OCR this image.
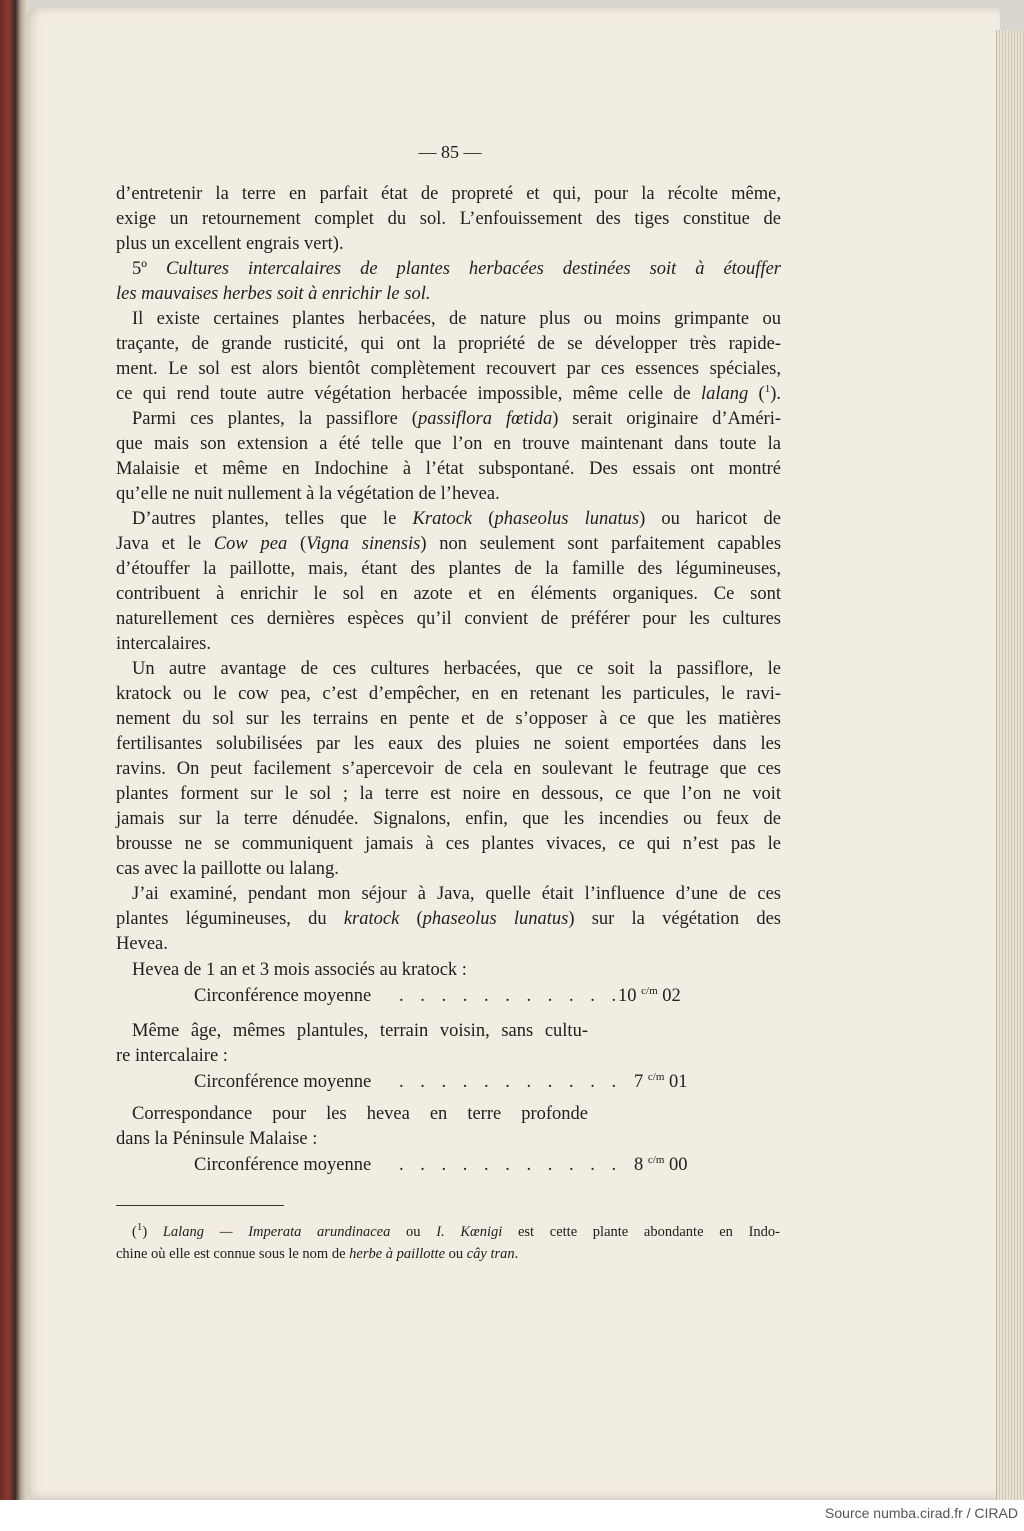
— 85 —
d’entretenir la terre en parfait état de propreté et qui, pour la récolte même,
exige un retournement complet du sol. L’enfouissement des tiges constitue de
plus un excellent engrais vert).
5º Cultures intercalaires de plantes herbacées destinées soit à étouffer
les mauvaises herbes soit à enrichir le sol.
Il existe certaines plantes herbacées, de nature plus ou moins grimpante ou
traçante, de grande rusticité, qui ont la propriété de se développer très rapide-
ment. Le sol est alors bientôt complètement recouvert par ces essences spéciales,
ce qui rend toute autre végétation herbacée impossible, même celle de lalang ($^1$).
Parmi ces plantes, la passiflore (passiflora fœtida) serait originaire d’Améri-
que mais son extension a été telle que l’on en trouve maintenant dans toute la
Malaisie et même en Indochine à l’état subspontané. Des essais ont montré
qu’elle ne nuit nullement à la végétation de l’hevea.
D’autres plantes, telles que le Kratock (phaseolus lunatus) ou haricot de
Java et le Cow pea (Vigna sinensis) non seulement sont parfaitement capables
d’étouffer la paillotte, mais, étant des plantes de la famille des légumineuses,
contribuent à enrichir le sol en azote et en éléments organiques. Ce sont
naturellement ces dernières espèces qu’il convient de préférer pour les cultures
intercalaires.
Un autre avantage de ces cultures herbacées, que ce soit la passiflore, le
kratock ou le cow pea, c’est d’empêcher, en en retenant les particules, le ravi-
nement du sol sur les terrains en pente et de s’opposer à ce que les matières
fertilisantes solubilisées par les eaux des pluies ne soient emportées dans les
ravins. On peut facilement s’apercevoir de cela en soulevant le feutrage que ces
plantes forment sur le sol ; la terre est noire en dessous, ce que l’on ne voit
jamais sur la terre dénudée. Signalons, enfin, que les incendies ou feux de
brousse ne se communiquent jamais à ces plantes vivaces, ce qui n’est pas le
cas avec la paillotte ou lalang.
J’ai examiné, pendant mon séjour à Java, quelle était l’influence d’une de ces
plantes légumineuses, du kratock (phaseolus lunatus) sur la végétation des
Hevea.
Hevea de 1 an et 3 mois associés au kratock :
Circonférence moyenne . . . . . . . . . . .
10 $^{c/m}$ 02
Même âge, mêmes plantules, terrain voisin, sans cultu-
re intercalaire :
Circonférence moyenne . . . . . . . . . . . 7 $^{c/m}$ 01
Correspondance pour les hevea en terre profonde
dans la Péninsule Malaise :
Circonférence moyenne . . . . . . . . . . . 8 $^{c/m}$ 00
($^1$) Lalang — Imperata arundinacea ou I. Kœnigi est cette plante abondante en Indo-
chine où elle est connue sous le nom de herbe à paillotte ou cây tran.
Source numba.cirad.fr / CIRAD
